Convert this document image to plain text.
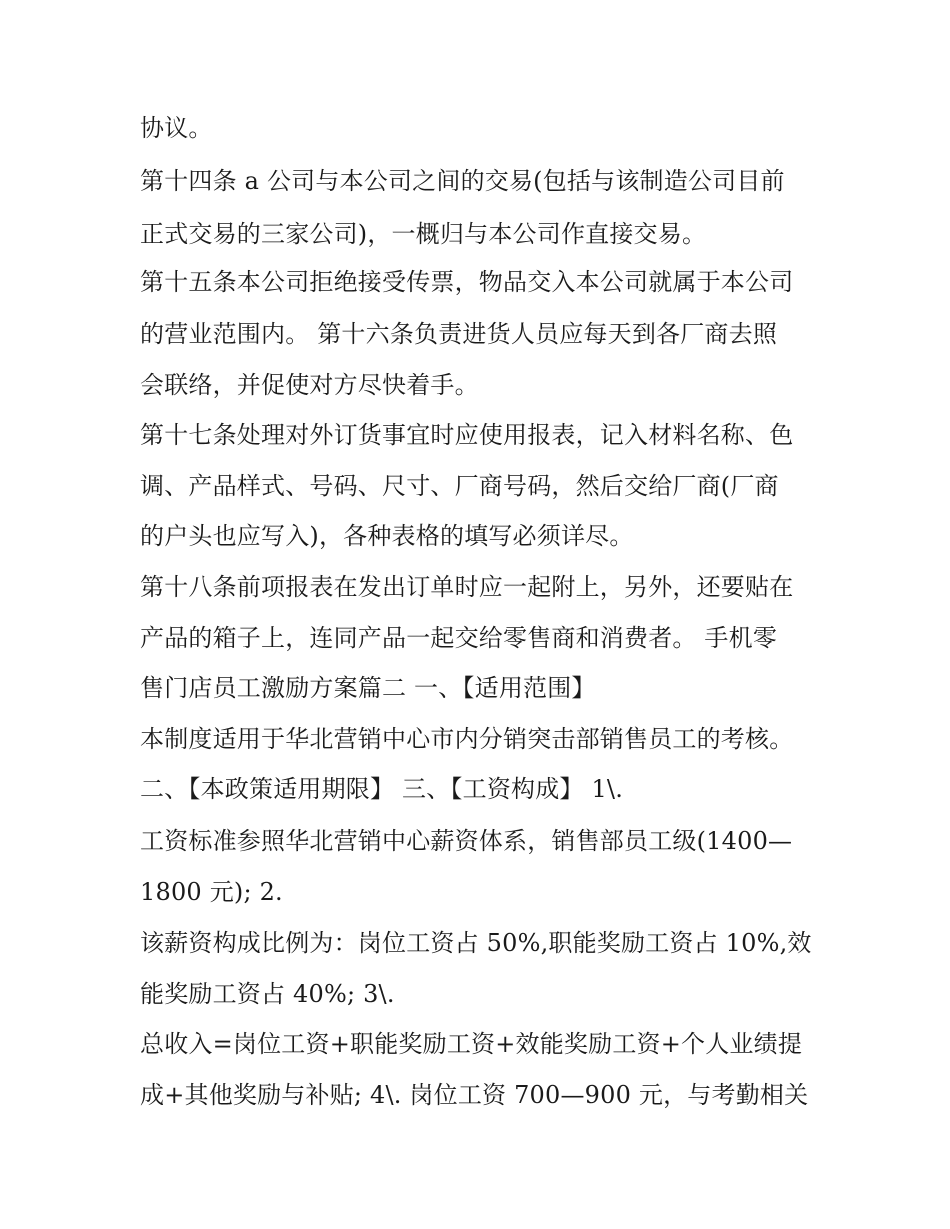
协议。
第十四条 a 公司与本公司之间的交易(包括与该制造公司目前
正式交易的三家公司)，一概归与本公司作直接交易。
第十五条本公司拒绝接受传票，物品交入本公司就属于本公司
的营业范围内。 第十六条负责进货人员应每天到各厂商去照
会联络，并促使对方尽快着手。
第十七条处理对外订货事宜时应使用报表，记入材料名称、色
调、产品样式、号码、尺寸、厂商号码，然后交给厂商(厂商
的户头也应写入)，各种表格的填写必须详尽。
第十八条前项报表在发出订单时应一起附上，另外，还要贴在
产品的箱子上，连同产品一起交给零售商和消费者。 手机零
售门店员工激励方案篇二 一、【适用范围】
本制度适用于华北营销中心市内分销突击部销售员工的考核。
二、【本政策适用期限】 三、【工资构成】 1\.
工资标准参照华北营销中心薪资体系，销售部员工级(1400—
1800 元); 2.
该薪资构成比例为：岗位工资占 50%,职能奖励工资占 10%,效
能奖励工资占 40%; 3\.
总收入=岗位工资+职能奖励工资+效能奖励工资+个人业绩提
成+其他奖励与补贴; 4\. 岗位工资 700—900 元，与考勤相关
